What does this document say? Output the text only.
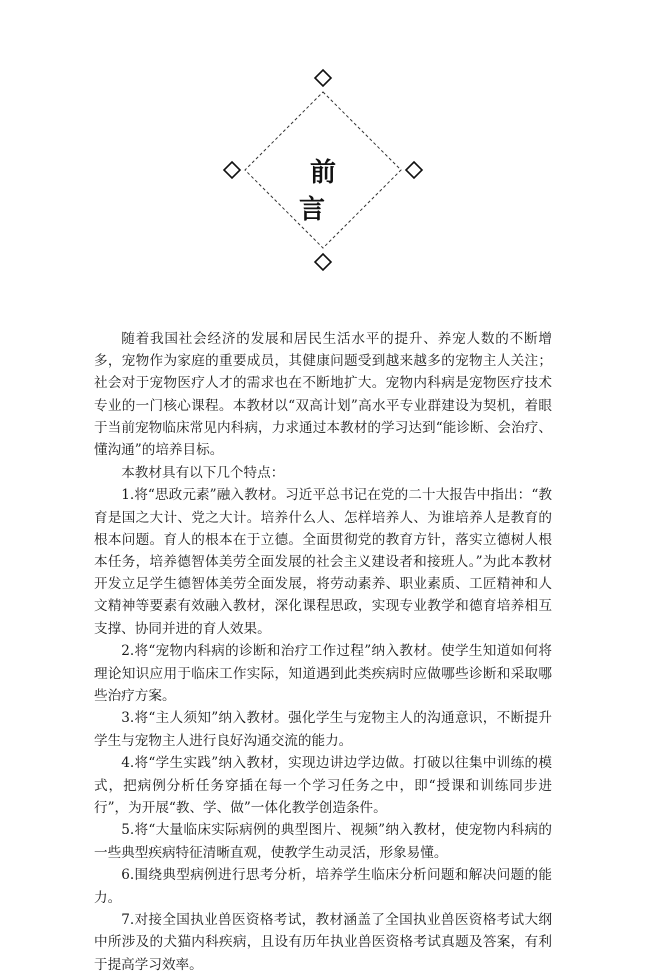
前 言

随着我国社会经济的发展和居民生活水平的提升、养宠人数的不断增多，宠物作为家庭的重要成员，其健康问题受到越来越多的宠物主人关注；社会对于宠物医疗人才的需求也在不断地扩大。宠物内科病是宠物医疗技术专业的一门核心课程。本教材以“双高计划”高水平专业群建设为契机，着眼于当前宠物临床常见内科病，力求通过本教材的学习达到“能诊断、会治疗、懂沟通”的培养目标。

本教材具有以下几个特点：

1.将“思政元素”融入教材。习近平总书记在党的二十大报告中指出：“教育是国之大计、党之大计。培养什么人、怎样培养人、为谁培养人是教育的根本问题。育人的根本在于立德。全面贯彻党的教育方针，落实立德树人根本任务，培养德智体美劳全面发展的社会主义建设者和接班人。”为此本教材开发立足学生德智体美劳全面发展，将劳动素养、职业素质、工匠精神和人文精神等要素有效融入教材，深化课程思政，实现专业教学和德育培养相互支撑、协同并进的育人效果。

2.将“宠物内科病的诊断和治疗工作过程”纳入教材。使学生知道如何将理论知识应用于临床工作实际，知道遇到此类疾病时应做哪些诊断和采取哪些治疗方案。

3.将“主人须知”纳入教材。强化学生与宠物主人的沟通意识，不断提升学生与宠物主人进行良好沟通交流的能力。

4.将“学生实践”纳入教材，实现边讲边学边做。打破以往集中训练的模式，把病例分析任务穿插在每一个学习任务之中，即“授课和训练同步进行”，为开展“教、学、做”一体化教学创造条件。

5.将“大量临床实际病例的典型图片、视频”纳入教材，使宠物内科病的一些典型疾病特征清晰直观，使教学生动灵活，形象易懂。

6.围绕典型病例进行思考分析，培养学生临床分析问题和解决问题的能力。

7.对接全国执业兽医资格考试，教材涵盖了全国执业兽医资格考试大纲中所涉及的犬猫内科疾病，且设有历年执业兽医资格考试真题及答案，有利于提高学习效率。
